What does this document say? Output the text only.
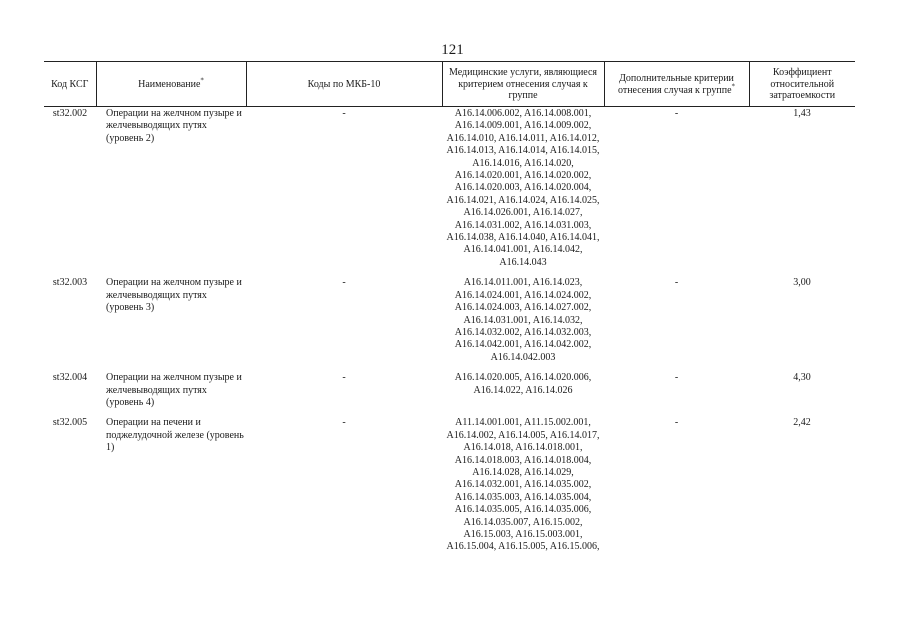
121
Код КСГ	Наименование*	Коды по МКБ-10	Медицинские услуги, являющиеся критерием отнесения случая к группе	Дополнительные критерии отнесения случая к группе*	Коэффициент относительной затратоемкости
st32.002	Операции на желчном пузыре и желчевыводящих путях (уровень 2)	-	A16.14.006.002, A16.14.008.001, A16.14.009.001, A16.14.009.002, A16.14.010, A16.14.011, A16.14.012, A16.14.013, A16.14.014, A16.14.015, A16.14.016, A16.14.020, A16.14.020.001, A16.14.020.002, A16.14.020.003, A16.14.020.004, A16.14.021, A16.14.024, A16.14.025, A16.14.026.001, A16.14.027, A16.14.031.002, A16.14.031.003, A16.14.038, A16.14.040, A16.14.041, A16.14.041.001, A16.14.042, A16.14.043	-	1,43

st32.003	Операции на желчном пузыре и желчевыводящих путях (уровень 3)	-	A16.14.011.001, A16.14.023, A16.14.024.001, A16.14.024.002, A16.14.024.003, A16.14.027.002, A16.14.031.001, A16.14.032, A16.14.032.002, A16.14.032.003, A16.14.042.001, A16.14.042.002, A16.14.042.003	-	3,00

st32.004	Операции на желчном пузыре и желчевыводящих путях (уровень 4)	-	A16.14.020.005, A16.14.020.006, A16.14.022, A16.14.026	-	4,30

st32.005	Операции на печени и поджелудочной железе (уровень 1)	-	A11.14.001.001, A11.15.002.001, A16.14.002, A16.14.005, A16.14.017, A16.14.018, A16.14.018.001, A16.14.018.003, A16.14.018.004, A16.14.028, A16.14.029, A16.14.032.001, A16.14.035.002, A16.14.035.003, A16.14.035.004, A16.14.035.005, A16.14.035.006, A16.14.035.007, A16.15.002, A16.15.003, A16.15.003.001, A16.15.004, A16.15.005, A16.15.006,	-	2,42
